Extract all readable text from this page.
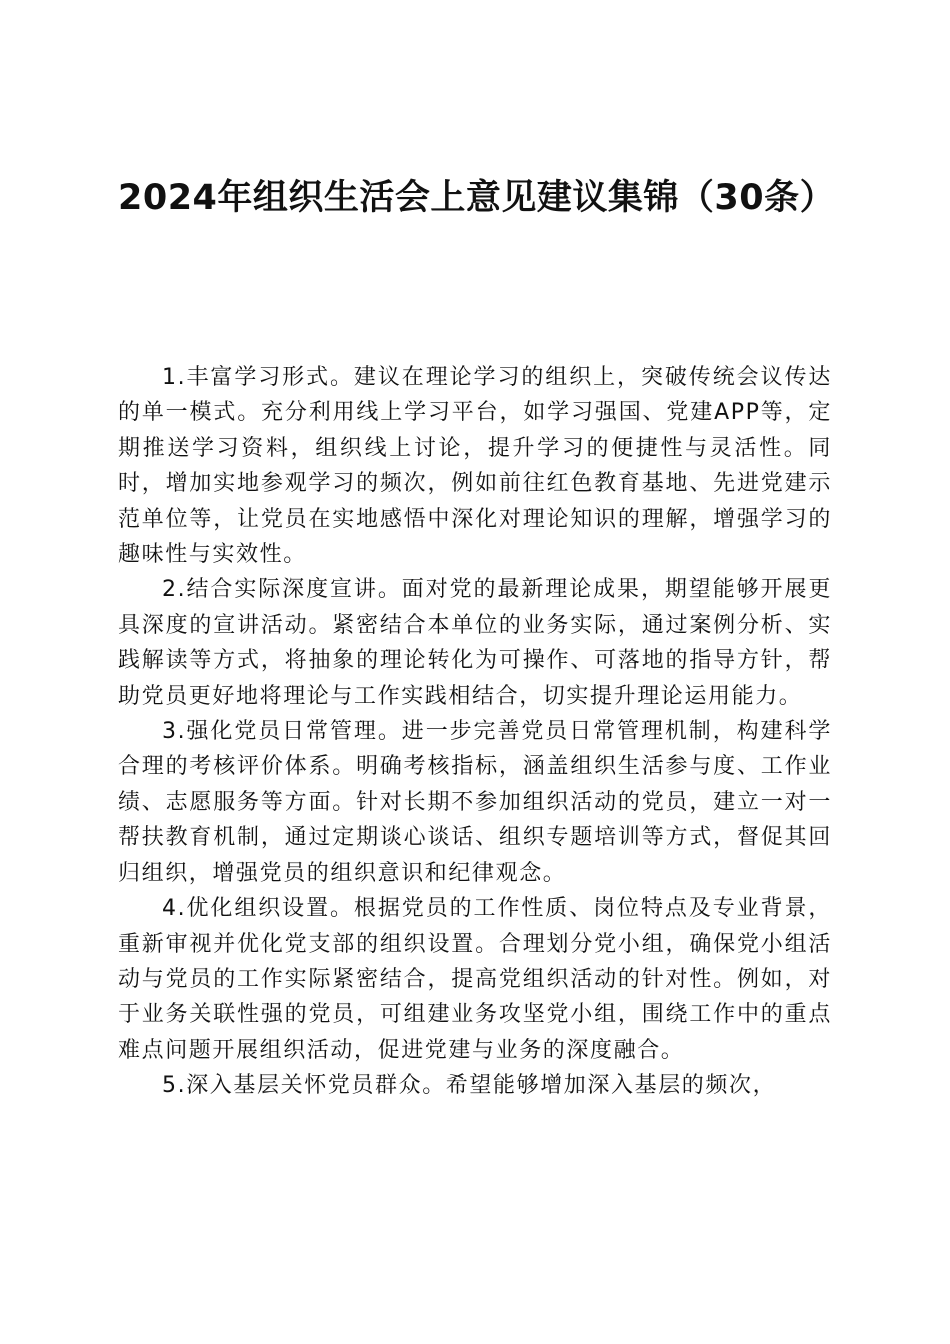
2024年组织生活会上意见建议集锦（30条）

1.丰富学习形式。建议在理论学习的组织上，突破传统会议传达的单一模式。充分利用线上学习平台，如学习强国、党建APP等，定期推送学习资料，组织线上讨论，提升学习的便捷性与灵活性。同时，增加实地参观学习的频次，例如前往红色教育基地、先进党建示范单位等，让党员在实地感悟中深化对理论知识的理解，增强学习的趣味性与实效性。

2.结合实际深度宣讲。面对党的最新理论成果，期望能够开展更具深度的宣讲活动。紧密结合本单位的业务实际，通过案例分析、实践解读等方式，将抽象的理论转化为可操作、可落地的指导方针，帮助党员更好地将理论与工作实践相结合，切实提升理论运用能力。

3.强化党员日常管理。进一步完善党员日常管理机制，构建科学合理的考核评价体系。明确考核指标，涵盖组织生活参与度、工作业绩、志愿服务等方面。针对长期不参加组织活动的党员，建立一对一帮扶教育机制，通过定期谈心谈话、组织专题培训等方式，督促其回归组织，增强党员的组织意识和纪律观念。

4.优化组织设置。根据党员的工作性质、岗位特点及专业背景，重新审视并优化党支部的组织设置。合理划分党小组，确保党小组活动与党员的工作实际紧密结合，提高党组织活动的针对性。例如，对于业务关联性强的党员，可组建业务攻坚党小组，围绕工作中的重点难点问题开展组织活动，促进党建与业务的深度融合。

5.深入基层关怀党员群众。希望能够增加深入基层的频次，
